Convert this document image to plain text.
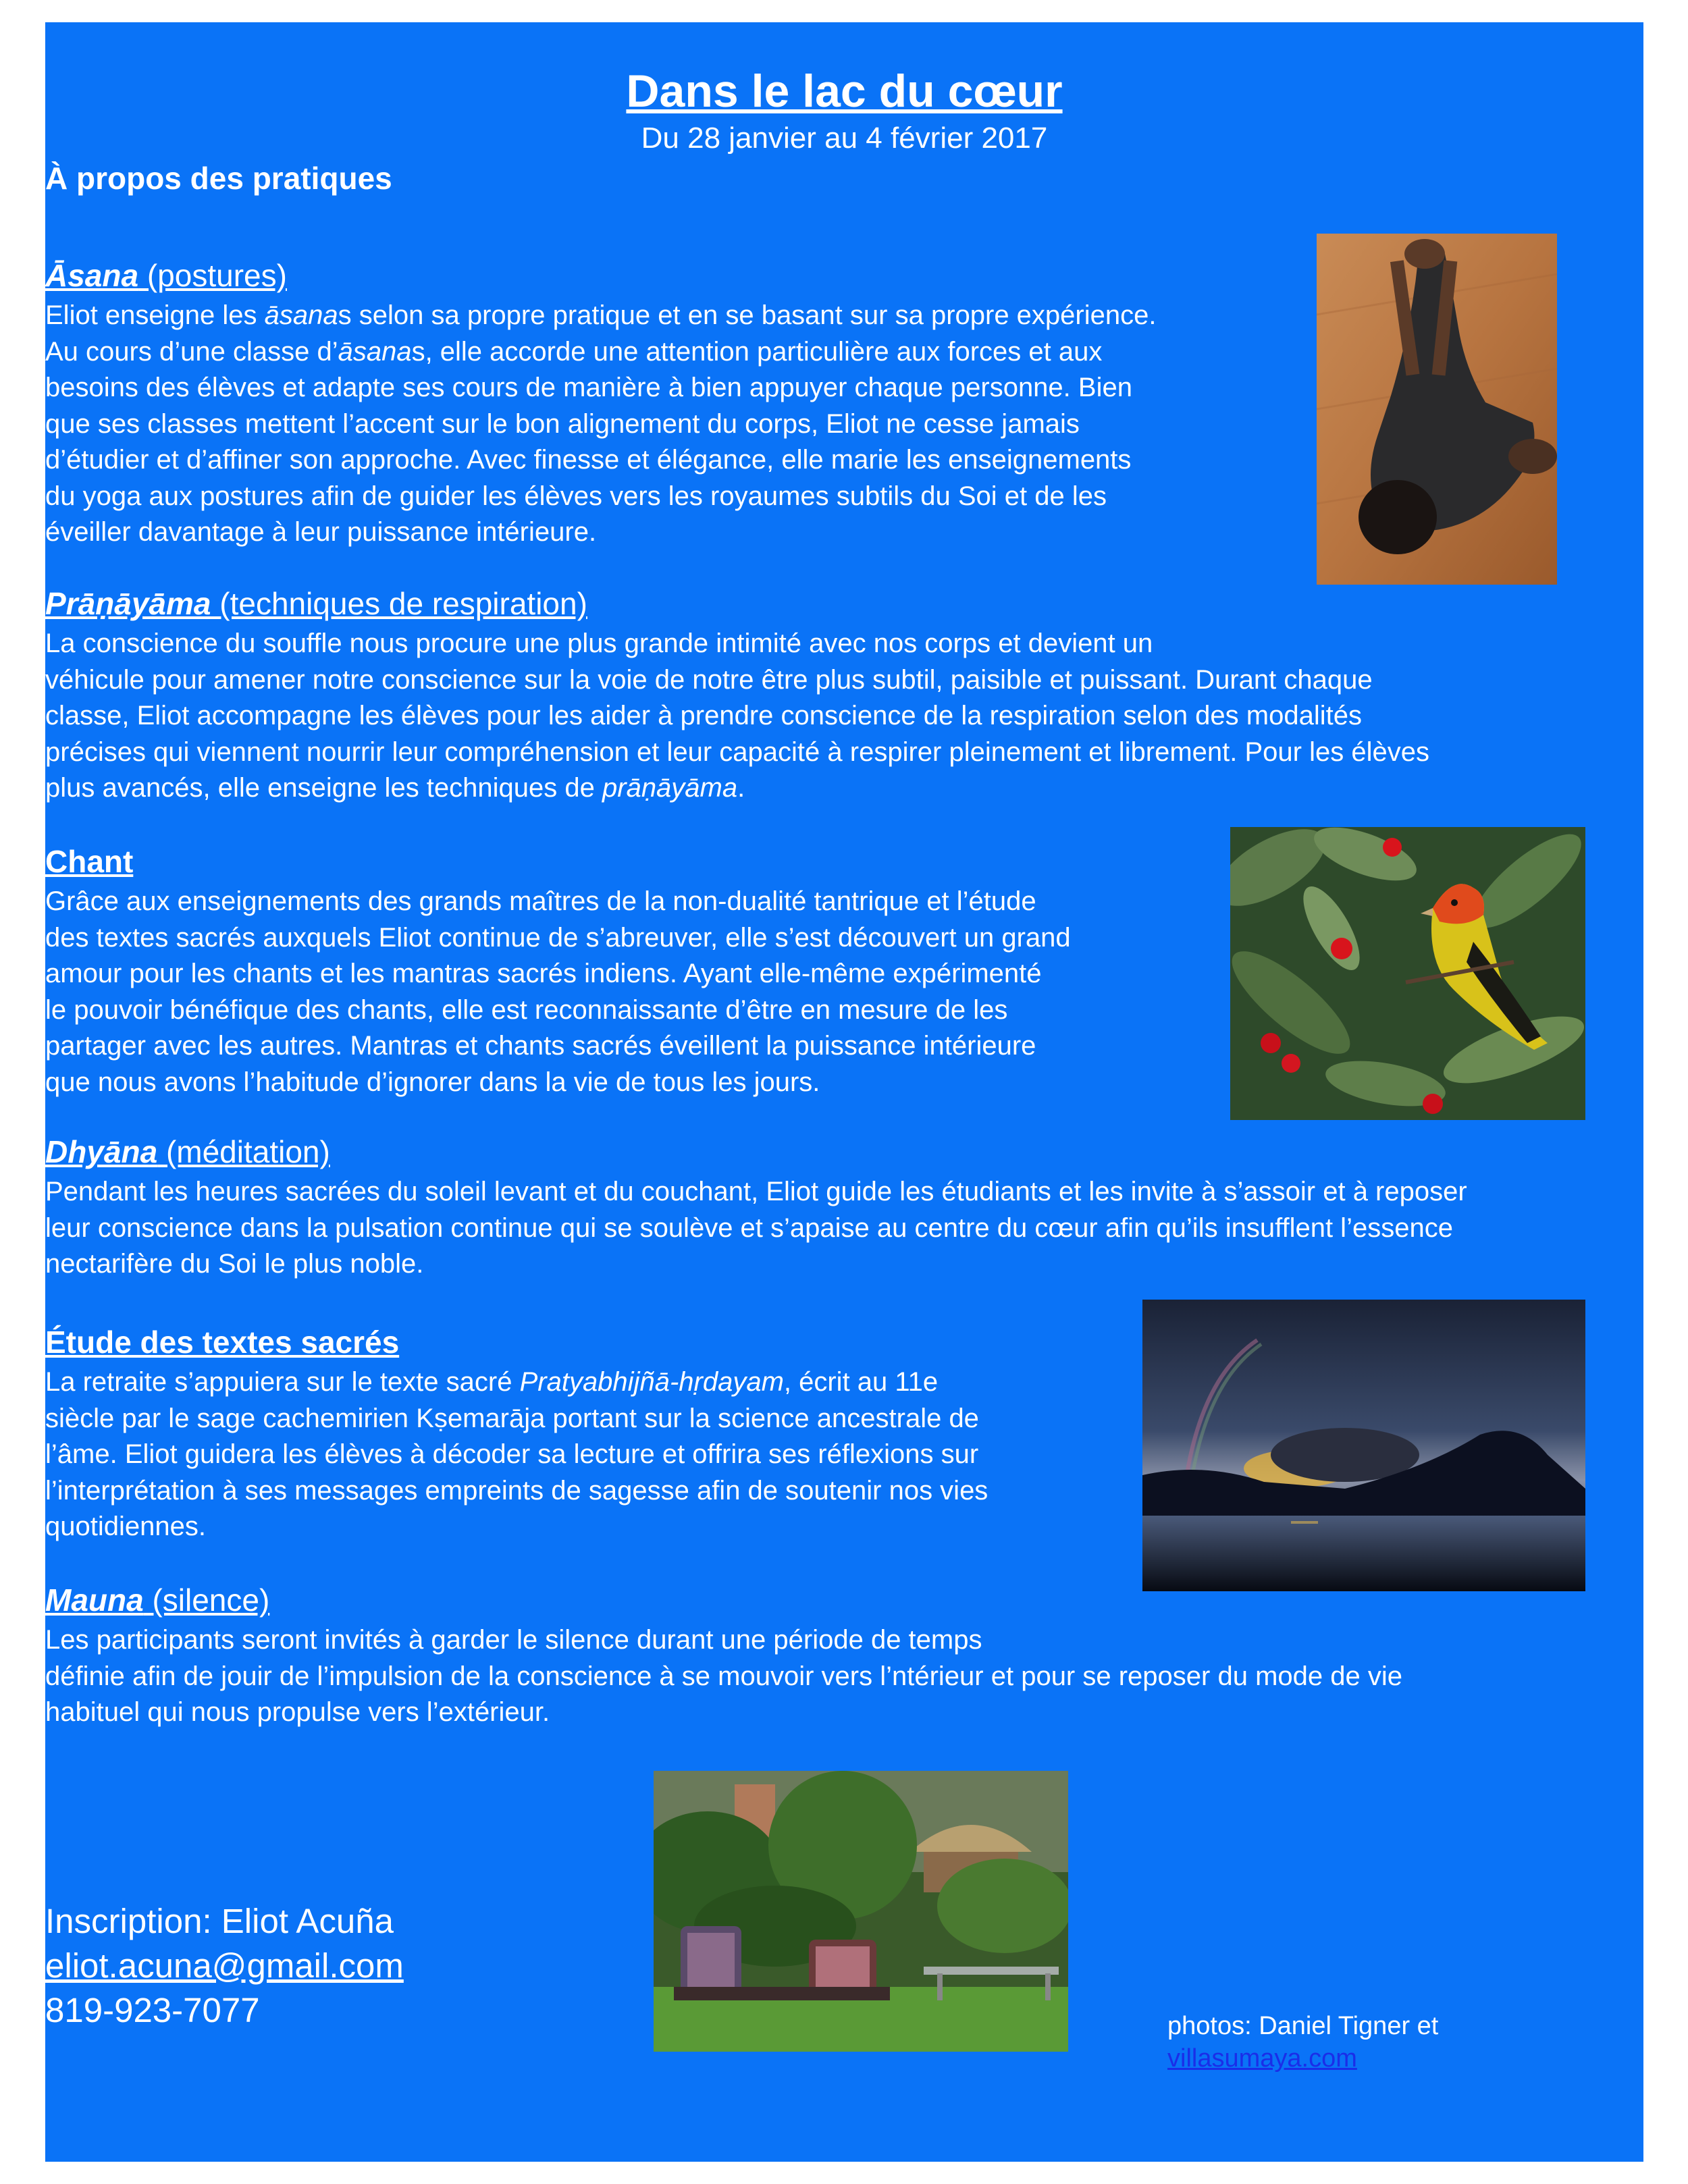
Dans le lac du cœur
Du 28 janvier au 4 février 2017
À propos des pratiques
Āsana (postures)
Eliot enseigne les āsanas selon sa propre pratique et en se basant sur sa propre expérience.
Au cours d’une classe d’āsanas, elle accorde une attention particulière aux forces et aux
besoins des élèves et adapte ses cours de manière à bien appuyer chaque personne. Bien
que ses classes mettent l’accent sur le bon alignement du corps, Eliot ne cesse jamais
d’étudier et d’affiner son approche. Avec finesse et élégance, elle marie les enseignements
du yoga aux postures afin de guider les élèves vers les royaumes subtils du Soi et de les
éveiller davantage à leur puissance intérieure.
Prāṇāyāma (techniques de respiration)
La conscience du souffle nous procure une plus grande intimité avec nos corps et devient un
véhicule pour amener notre conscience sur la voie de notre être plus subtil, paisible et puissant. Durant chaque
classe, Eliot accompagne les élèves pour les aider à prendre conscience de la respiration selon des modalités
précises qui viennent nourrir leur compréhension et leur capacité à respirer pleinement et librement. Pour les élèves
plus avancés, elle enseigne les techniques de prāṇāyāma.
Chant
Grâce aux enseignements des grands maîtres de la non-dualité tantrique et l’étude
des textes sacrés auxquels Eliot continue de s’abreuver, elle s’est découvert un grand
amour pour les chants et les mantras sacrés indiens. Ayant elle-même expérimenté
le pouvoir bénéfique des chants, elle est reconnaissante d’être en mesure de les
partager avec les autres. Mantras et chants sacrés éveillent la puissance intérieure
que nous avons l’habitude d’ignorer dans la vie de tous les jours.
Dhyāna (méditation)
Pendant les heures sacrées du soleil levant et du couchant, Eliot guide les étudiants et les invite à s’assoir et à reposer
leur conscience dans la pulsation continue qui se soulève et s’apaise au centre du cœur afin qu’ils insufflent l’essence
nectarifère du Soi le plus noble.
Étude des textes sacrés
La retraite s’appuiera sur le texte sacré Pratyabhijñā-hṛdayam, écrit au 11e
siècle par le sage cachemirien Kṣemarāja portant sur la science ancestrale de
l’âme. Eliot guidera les élèves à décoder sa lecture et offrira ses réflexions sur
l’interprétation à ses messages empreints de sagesse afin de soutenir nos vies
quotidiennes.
Mauna (silence)
Les participants seront invités à garder le silence durant une période de temps
définie afin de jouir de l’impulsion de la conscience à se mouvoir vers l’ntérieur et pour se reposer du mode de vie
habituel qui nous propulse vers l’extérieur.
Inscription: Eliot Acuña
eliot.acuna@gmail.com
819-923-7077	photos: Daniel Tigner et
villasumaya.com
